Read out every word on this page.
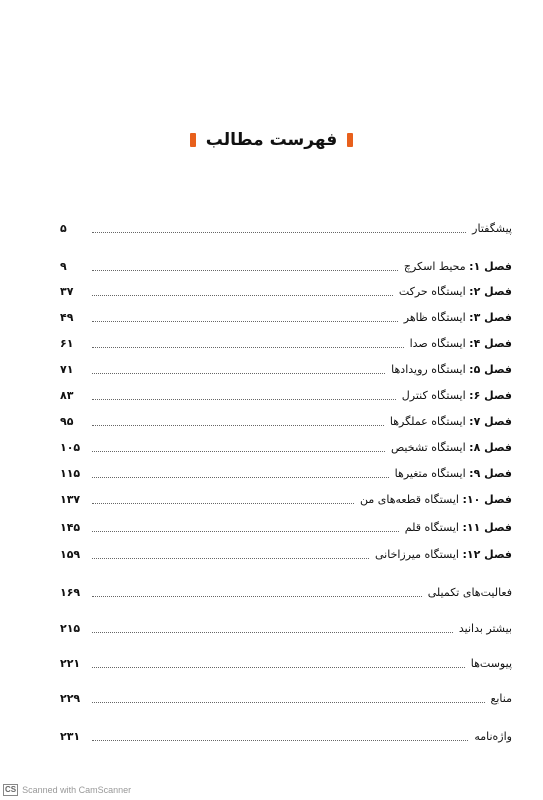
فهرست مطالب
پیشگفتار
۵
فصل ۱: محیط اسکرچ
۹
فصل ۲: ایستگاه حرکت
۳۷
فصل ۳: ایستگاه ظاهر
۴۹
فصل ۴: ایستگاه صدا
۶۱
فصل ۵: ایستگاه رویدادها
۷۱
فصل ۶: ایستگاه کنترل
۸۳
فصل ۷: ایستگاه عملگرها
۹۵
فصل ۸: ایستگاه تشخیص
۱۰۵
فصل ۹: ایستگاه متغیرها
۱۱۵
فصل ۱۰: ایستگاه قطعه‌های من
۱۳۷
فصل ۱۱: ایستگاه قلم
۱۴۵
فصل ۱۲: ایستگاه میرزاخانی
۱۵۹
فعالیت‌های تکمیلی
۱۶۹
بیشتر بدانید
۲۱۵
پیوست‌ها
۲۲۱
منابع
۲۲۹
واژه‌نامه
۲۳۱
CS Scanned with CamScanner
